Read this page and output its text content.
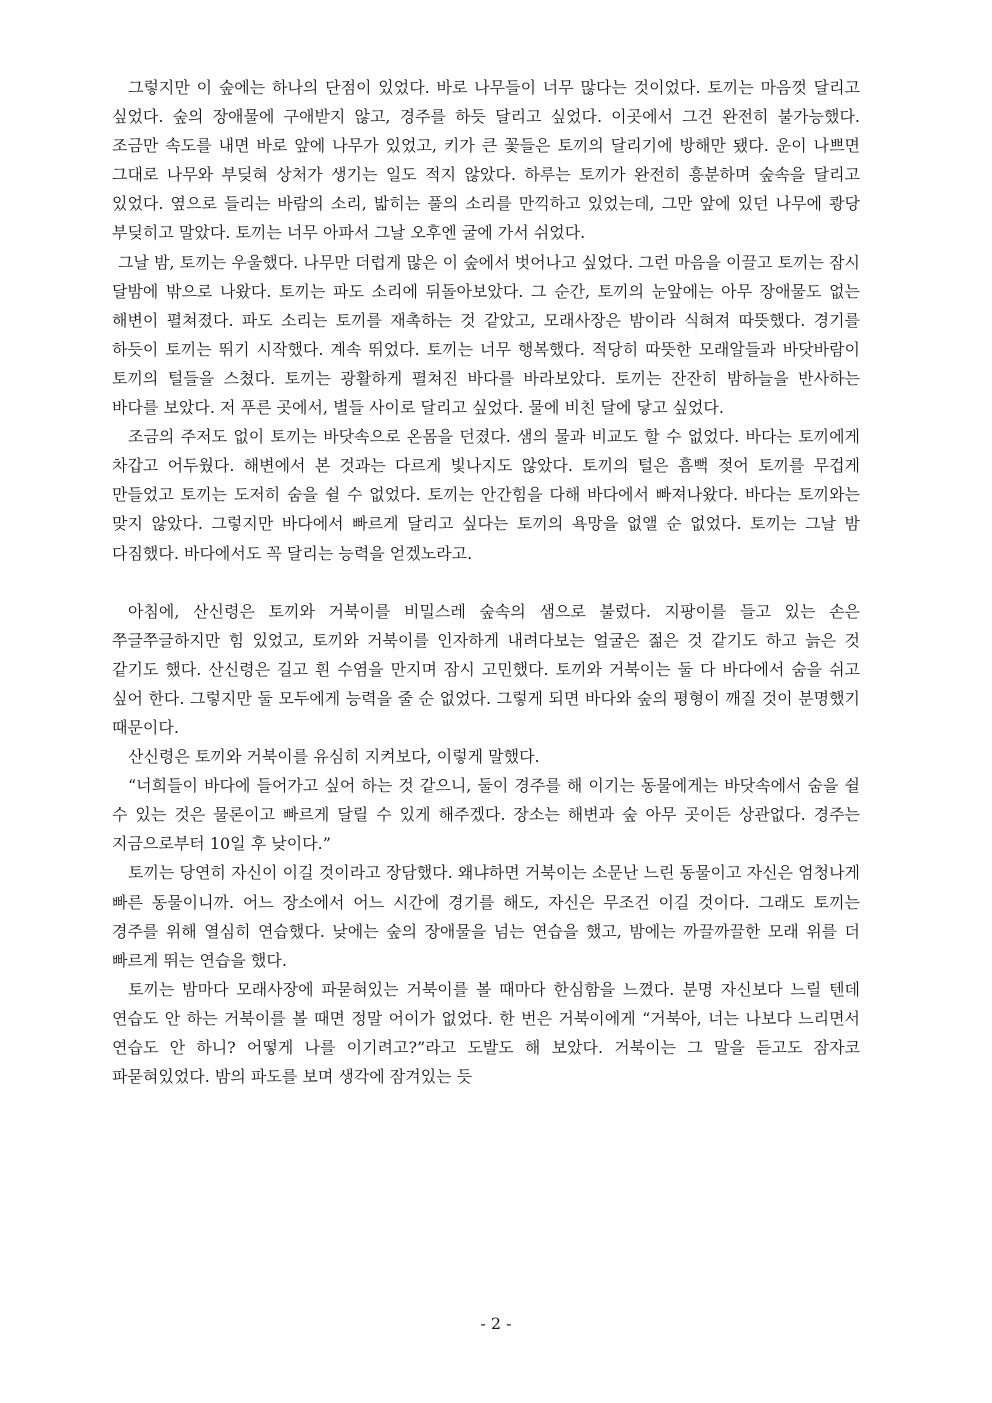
그렇지만 이 숲에는 하나의 단점이 있었다. 바로 나무들이 너무 많다는 것이었다. 토끼는 마음껏 달리고 싶었다. 숲의 장애물에 구애받지 않고, 경주를 하듯 달리고 싶었다. 이곳에서 그건 완전히 불가능했다. 조금만 속도를 내면 바로 앞에 나무가 있었고, 키가 큰 꽃들은 토끼의 달리기에 방해만 됐다. 운이 나쁘면 그대로 나무와 부딪혀 상처가 생기는 일도 적지 않았다. 하루는 토끼가 완전히 흥분하며 숲속을 달리고 있었다. 옆으로 들리는 바람의 소리, 밟히는 풀의 소리를 만끽하고 있었는데, 그만 앞에 있던 나무에 쾅당 부딪히고 말았다. 토끼는 너무 아파서 그날 오후엔 굴에 가서 쉬었다.

그날 밤, 토끼는 우울했다. 나무만 더럽게 많은 이 숲에서 벗어나고 싶었다. 그런 마음을 이끌고 토끼는 잠시 달밤에 밖으로 나왔다. 토끼는 파도 소리에 뒤돌아보았다. 그 순간, 토끼의 눈앞에는 아무 장애물도 없는 해변이 펼쳐졌다. 파도 소리는 토끼를 재촉하는 것 같았고, 모래사장은 밤이라 식혀져 따뜻했다. 경기를 하듯이 토끼는 뛰기 시작했다. 계속 뛰었다. 토끼는 너무 행복했다. 적당히 따뜻한 모래알들과 바닷바람이 토끼의 털들을 스쳤다. 토끼는 광활하게 펼쳐진 바다를 바라보았다. 토끼는 잔잔히 밤하늘을 반사하는 바다를 보았다. 저 푸른 곳에서, 별들 사이로 달리고 싶었다. 물에 비친 달에 닿고 싶었다.

조금의 주저도 없이 토끼는 바닷속으로 온몸을 던졌다. 샘의 물과 비교도 할 수 없었다. 바다는 토끼에게 차갑고 어두웠다. 해변에서 본 것과는 다르게 빛나지도 않았다. 토끼의 털은 흠뻑 젖어 토끼를 무겁게 만들었고 토끼는 도저히 숨을 쉴 수 없었다. 토끼는 안간힘을 다해 바다에서 빠져나왔다. 바다는 토끼와는 맞지 않았다. 그렇지만 바다에서 빠르게 달리고 싶다는 토끼의 욕망을 없앨 순 없었다. 토끼는 그날 밤 다짐했다. 바다에서도 꼭 달리는 능력을 얻겠노라고.

아침에, 산신령은 토끼와 거북이를 비밀스레 숲속의 샘으로 불렀다. 지팡이를 들고 있는 손은 쭈글쭈글하지만 힘 있었고, 토끼와 거북이를 인자하게 내려다보는 얼굴은 젊은 것 같기도 하고 늙은 것 같기도 했다. 산신령은 길고 흰 수염을 만지며 잠시 고민했다. 토끼와 거북이는 둘 다 바다에서 숨을 쉬고 싶어 한다. 그렇지만 둘 모두에게 능력을 줄 순 없었다. 그렇게 되면 바다와 숲의 평형이 깨질 것이 분명했기 때문이다.

산신령은 토끼와 거북이를 유심히 지켜보다, 이렇게 말했다.

“너희들이 바다에 들어가고 싶어 하는 것 같으니, 둘이 경주를 해 이기는 동물에게는 바닷속에서 숨을 쉴 수 있는 것은 물론이고 빠르게 달릴 수 있게 해주겠다. 장소는 해변과 숲 아무 곳이든 상관없다. 경주는 지금으로부터 10일 후 낮이다.”

토끼는 당연히 자신이 이길 것이라고 장담했다. 왜냐하면 거북이는 소문난 느린 동물이고 자신은 엄청나게 빠른 동물이니까. 어느 장소에서 어느 시간에 경기를 해도, 자신은 무조건 이길 것이다. 그래도 토끼는 경주를 위해 열심히 연습했다. 낮에는 숲의 장애물을 넘는 연습을 했고, 밤에는 까끌까끌한 모래 위를 더 빠르게 뛰는 연습을 했다.

토끼는 밤마다 모래사장에 파묻혀있는 거북이를 볼 때마다 한심함을 느꼈다. 분명 자신보다 느릴 텐데 연습도 안 하는 거북이를 볼 때면 정말 어이가 없었다. 한 번은 거북이에게 “거북아, 너는 나보다 느리면서 연습도 안 하니? 어떻게 나를 이기려고?”라고 도발도 해 보았다. 거북이는 그 말을 듣고도 잠자코 파묻혀있었다. 밤의 파도를 보며 생각에 잠겨있는 듯

- 2 -
